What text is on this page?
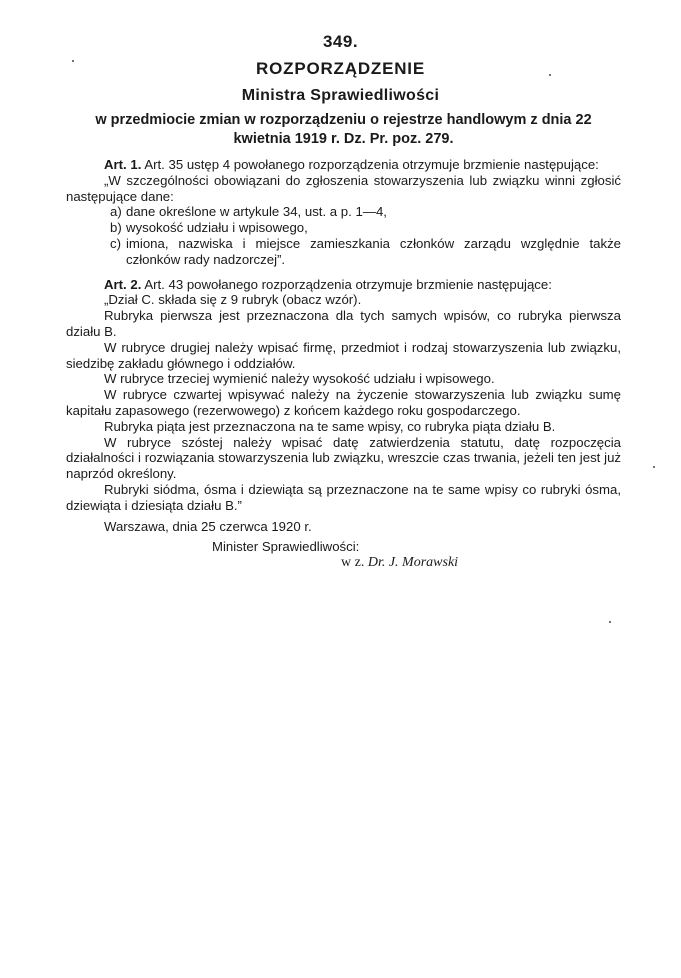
349.
ROZPORZĄDZENIE
Ministra Sprawiedliwości
w przedmiocie zmian w rozporządzeniu o rejestrze handlowym z dnia 22 kwietnia 1919 r. Dz. Pr. poz. 279.

Art. 1. Art. 35 ustęp 4 powołanego rozporządzenia otrzymuje brzmienie następujące:

„W szczególności obowiązani do zgłoszenia stowarzyszenia lub związku winni zgłosić następujące dane:

a) dane określone w artykule 34, ust. a p. 1—4,
b) wysokość udziału i wpisowego,
c) imiona, nazwiska i miejsce zamieszkania członków zarządu względnie także członków rady nadzorczej”.

Art. 2. Art. 43 powołanego rozporządzenia otrzymuje brzmienie następujące:

„Dział C. składa się z 9 rubryk (obacz wzór).

Rubryka pierwsza jest przeznaczona dla tych samych wpisów, co rubryka pierwsza działu B.

W rubryce drugiej należy wpisać firmę, przedmiot i rodzaj stowarzyszenia lub związku, siedzibę zakładu głównego i oddziałów.

W rubryce trzeciej wymienić należy wysokość udziału i wpisowego.

W rubryce czwartej wpisywać należy na życzenie stowarzyszenia lub związku sumę kapitału zapasowego (rezerwowego) z końcem każdego roku gospodarczego.

Rubryka piąta jest przeznaczona na te same wpisy, co rubryka piąta działu B.

W rubryce szóstej należy wpisać datę zatwierdzenia statutu, datę rozpoczęcia działalności i rozwiązania stowarzyszenia lub związku, wreszcie czas trwania, jeżeli ten jest już naprzód określony.

Rubryki siódma, ósma i dziewiąta są przeznaczone na te same wpisy co rubryki ósma, dziewiąta i dziesiąta działu B.”

Warszawa, dnia 25 czerwca 1920 r.

Minister Sprawiedliwości:

w z. Dr. J. Morawski
